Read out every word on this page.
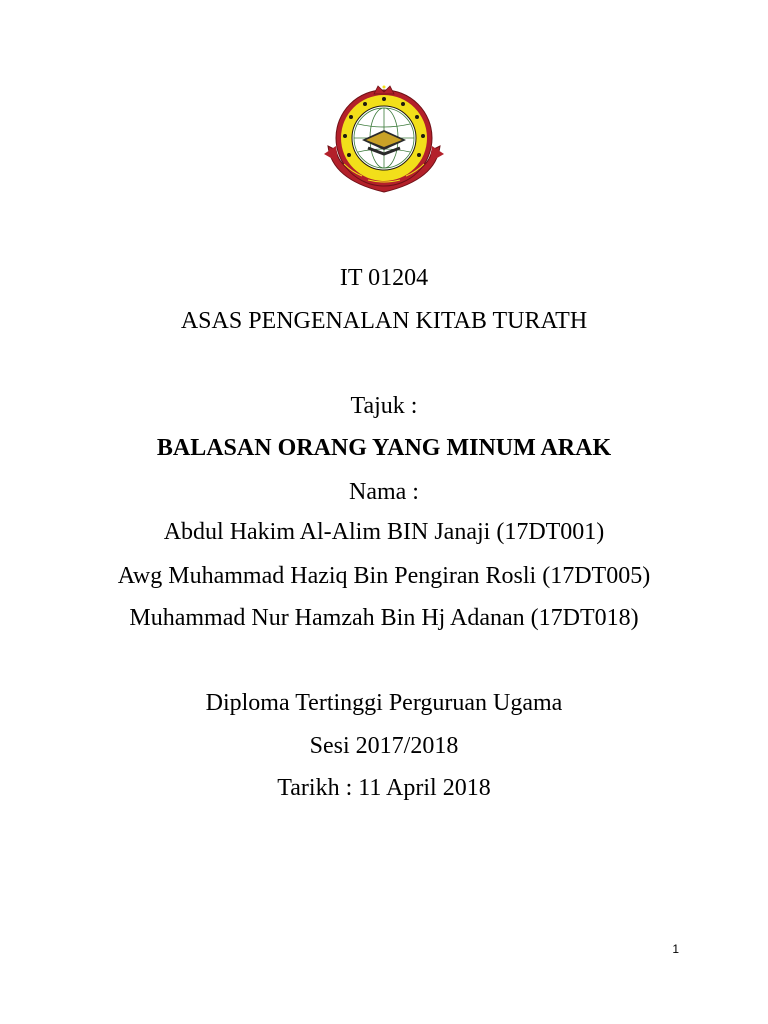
IT 01204
ASAS PENGENALAN KITAB TURATH
Tajuk :
BALASAN ORANG YANG MINUM ARAK
Nama :
Abdul Hakim Al-Alim BIN Janaji (17DT001)
Awg Muhammad Haziq Bin Pengiran Rosli (17DT005)
Muhammad Nur Hamzah Bin Hj Adanan (17DT018)
Diploma Tertinggi Perguruan Ugama
Sesi 2017/2018
Tarikh : 11 April 2018
1
